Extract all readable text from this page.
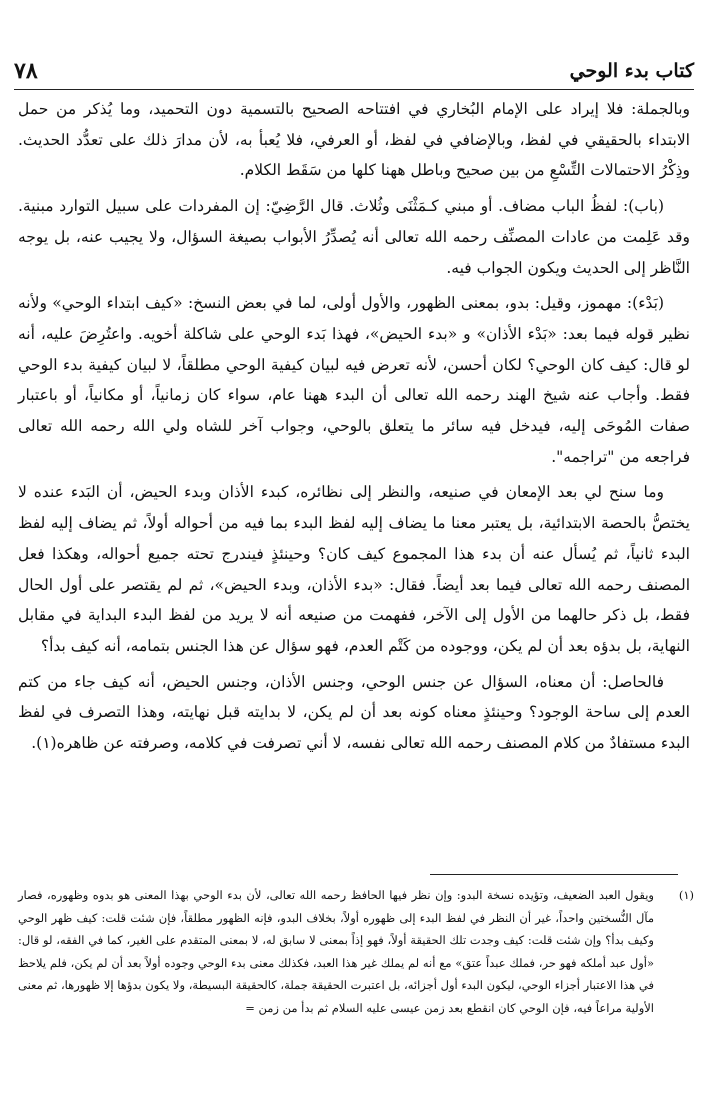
كتاب بدء الوحي
٧٨

وبالجملة: فلا إيراد على الإمام البُخاري في افتتاحه الصحيح بالتسمية دون التحميد، وما يُذكر من حمل الابتداء بالحقيقي في لفظ، وبالإضافي في لفظ، أو العرفي، فلا يُعبأ به، لأن مدارَ ذلك على تعدُّد الحديث. وذِكْرُ الاحتمالات التِّسْعِ من بين صحيح وباطل ههنا كلها من سَقَط الكلام.

(باب): لفظُ الباب مضاف. أو مبني كـمَثْنَى وثُلاث. قال الرَّضِيّ: إن المفردات على سبيل التوارد مبنية. وقد عَلِمت من عادات المصنِّف رحمه الله تعالى أنه يُصدِّرُ الأبواب بصيغة السؤال، ولا يجيب عنه، بل يوجه النَّاظر إلى الحديث ويكون الجواب فيه.

(بَدْء): مهموز، وقيل: بدو، بمعنى الظهور، والأول أولى، لما في بعض النسخ: «كيف ابتداء الوحي» ولأنه نظير قوله فيما بعد: «بَدْء الأذان» و «بدء الحيض»، فهذا بَدء الوحي على شاكلة أخويه. واعتُرِضَ عليه، أنه لو قال: كيف كان الوحي؟ لكان أحسن، لأنه تعرض فيه لبيان كيفية الوحي مطلقاً، لا لبيان كيفية بدء الوحي فقط. وأجاب عنه شيخ الهند رحمه الله تعالى أن البدء ههنا عام، سواء كان زمانياً، أو مكانياً، أو باعتبار صفات المُوحَى إليه، فيدخل فيه سائر ما يتعلق بالوحي، وجواب آخر للشاه ولي الله رحمه الله تعالى فراجعه من "تراجمه".

وما سنح لي بعد الإمعان في صنيعه، والنظر إلى نظائره، كبدء الأذان وبدء الحيض، أن البَدء عنده لا يختصُّ بالحصة الابتدائية، بل يعتبر معنا ما يضاف إليه لفظ البدء بما فيه من أحواله أولاً، ثم يضاف إليه لفظ البدء ثانياً، ثم يُسأل عنه أن بدء هذا المجموع كيف كان؟ وحينئذٍ فيندرج تحته جميع أحواله، وهكذا فعل المصنف رحمه الله تعالى فيما بعد أيضاً. فقال: «بدء الأذان، وبدء الحيض»، ثم لم يقتصر على أول الحال فقط، بل ذكر حالهما من الأول إلى الآخر، ففهمت من صنيعه أنه لا يريد من لفظ البدء البداية في مقابل النهاية، بل بدؤه بعد أن لم يكن، ووجوده من كَتْم العدم، فهو سؤال عن هذا الجنس بتمامه، أنه كيف بدأ؟

فالحاصل: أن معناه، السؤال عن جنس الوحي، وجنس الأذان، وجنس الحيض، أنه كيف جاء من كتم العدم إلى ساحة الوجود؟ وحينئذٍ معناه كونه بعد أن لم يكن، لا بدايته قبل نهايته، وهذا التصرف في لفظ البدء مستفادٌ من كلام المصنف رحمه الله تعالى نفسه، لا أني تصرفت في كلامه، وصرفته عن ظاهره(١).

(١)
ويقول العبد الضعيف، وتؤيده نسخة البدو: وإن نظر فيها الحافظ رحمه الله تعالى، لأن بدء الوحي بهذا المعنى هو بدوه وظهوره، فصار مآل النُّسختين واحداً، غير أن النظر في لفظ البدء إلى ظهوره أولاً، بخلاف البدو، فإنه الظهور مطلقاً، فإن شئت قلت: كيف ظهر الوحي وكيف بدأ؟ وإن شئت قلت: كيف وجدت تلك الحقيقة أولاً، فهو إذاً بمعنى لا سابق له، لا بمعنى المتقدم على الغير، كما في الفقه، لو قال: «أول عبد أملكه فهو حر، فملك عبداً عتق» مع أنه لم يملك غير هذا العبد، فكذلك معنى بدء الوحي وجوده أولاً بعد أن لم يكن، فلم يلاحظ في هذا الاعتبار أجزاء الوحي، ليكون البدء أول أجزائه، بل اعتبرت الحقيقة جملة، كالحقيقة البسيطة، ولا يكون بدؤها إلا ظهورها، ثم معنى الأولية مراعاً فيه، فإن الوحي كان انقطع بعد زمن عيسى عليه السلام ثم بدأ من زمن =
